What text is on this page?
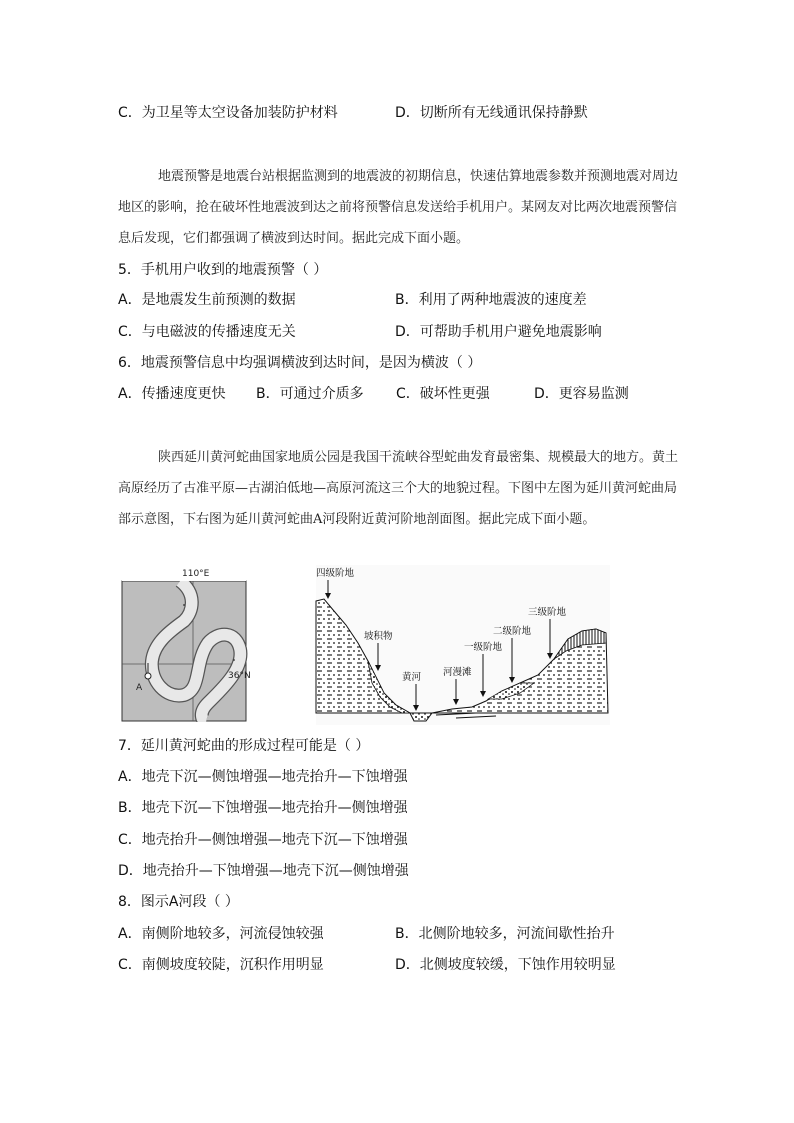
C．为卫星等太空设备加装防护材料	D．切断所有无线通讯保持静默
地震预警是地震台站根据监测到的地震波的初期信息，快速估算地震参数并预测地震对周边地区的影响，抢在破坏性地震波到达之前将预警信息发送给手机用户。某网友对比两次地震预警信息后发现，它们都强调了横波到达时间。据此完成下面小题。
5．手机用户收到的地震预警（ ）
A．是地震发生前预测的数据	B．利用了两种地震波的速度差
C．与电磁波的传播速度无关	D．可帮助手机用户避免地震影响
6．地震预警信息中均强调横波到达时间，是因为横波（ ）
A．传播速度更快 B．可通过介质多 C．破坏性更强	D．更容易监测
陕西延川黄河蛇曲国家地质公园是我国干流峡谷型蛇曲发育最密集、规模最大的地方。黄土高原经历了古准平原—古湖泊低地—高原河流这三个大的地貌过程。下图中左图为延川黄河蛇曲局部示意图，下右图为延川黄河蛇曲A河段附近黄河阶地剖面图。据此完成下面小题。
110°E
36°N
A
四级阶地
坡积物
黄河 河漫滩
一级阶地
二级阶地
三级阶地
7．延川黄河蛇曲的形成过程可能是（ ）
A．地壳下沉—侧蚀增强—地壳抬升—下蚀增强
B．地壳下沉—下蚀增强—地壳抬升—侧蚀增强
C．地壳抬升—侧蚀增强—地壳下沉—下蚀增强
D．地壳抬升—下蚀增强—地壳下沉—侧蚀增强
8．图示A河段（ ）
A．南侧阶地较多，河流侵蚀较强	B．北侧阶地较多，河流间歇性抬升
C．南侧坡度较陡，沉积作用明显	D．北侧坡度较缓，下蚀作用较明显
